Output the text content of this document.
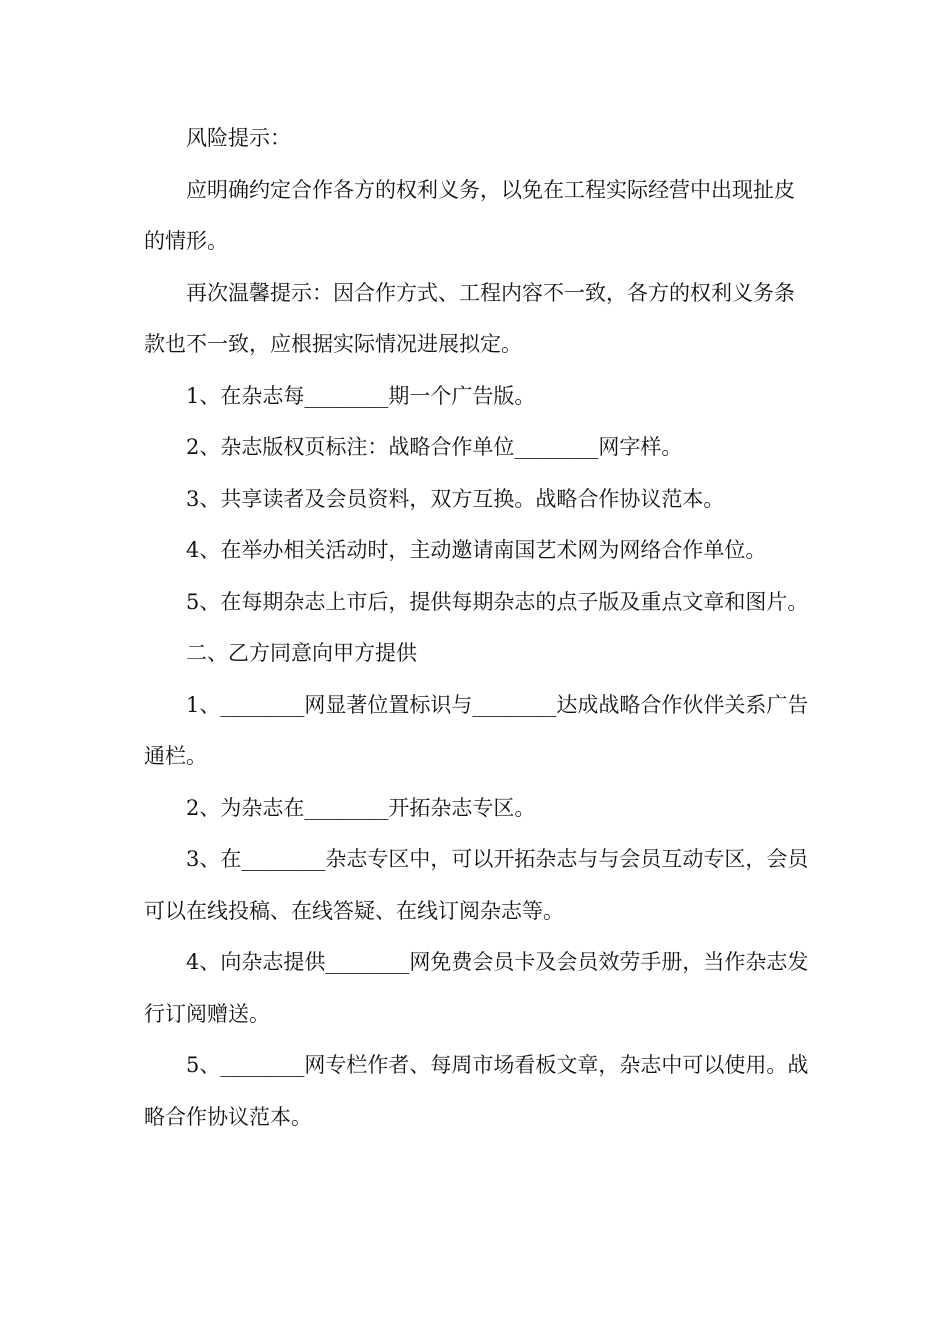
风险提示：

应明确约定合作各方的权利义务，以免在工程实际经营中出现扯皮的情形。

再次温馨提示：因合作方式、工程内容不一致，各方的权利义务条款也不一致，应根据实际情况进展拟定。

1、在杂志每________期一个广告版。

2、杂志版权页标注：战略合作单位________网字样。

3、共享读者及会员资料，双方互换。战略合作协议范本。

4、在举办相关活动时，主动邀请南国艺术网为网络合作单位。

5、在每期杂志上市后，提供每期杂志的点子版及重点文章和图片。

二、乙方同意向甲方提供

1、________网显著位置标识与________达成战略合作伙伴关系广告通栏。

2、为杂志在________开拓杂志专区。

3、在________杂志专区中，可以开拓杂志与与会员互动专区，会员可以在线投稿、在线答疑、在线订阅杂志等。

4、向杂志提供________网免费会员卡及会员效劳手册，当作杂志发行订阅赠送。

5、________网专栏作者、每周市场看板文章，杂志中可以使用。战略合作协议范本。
